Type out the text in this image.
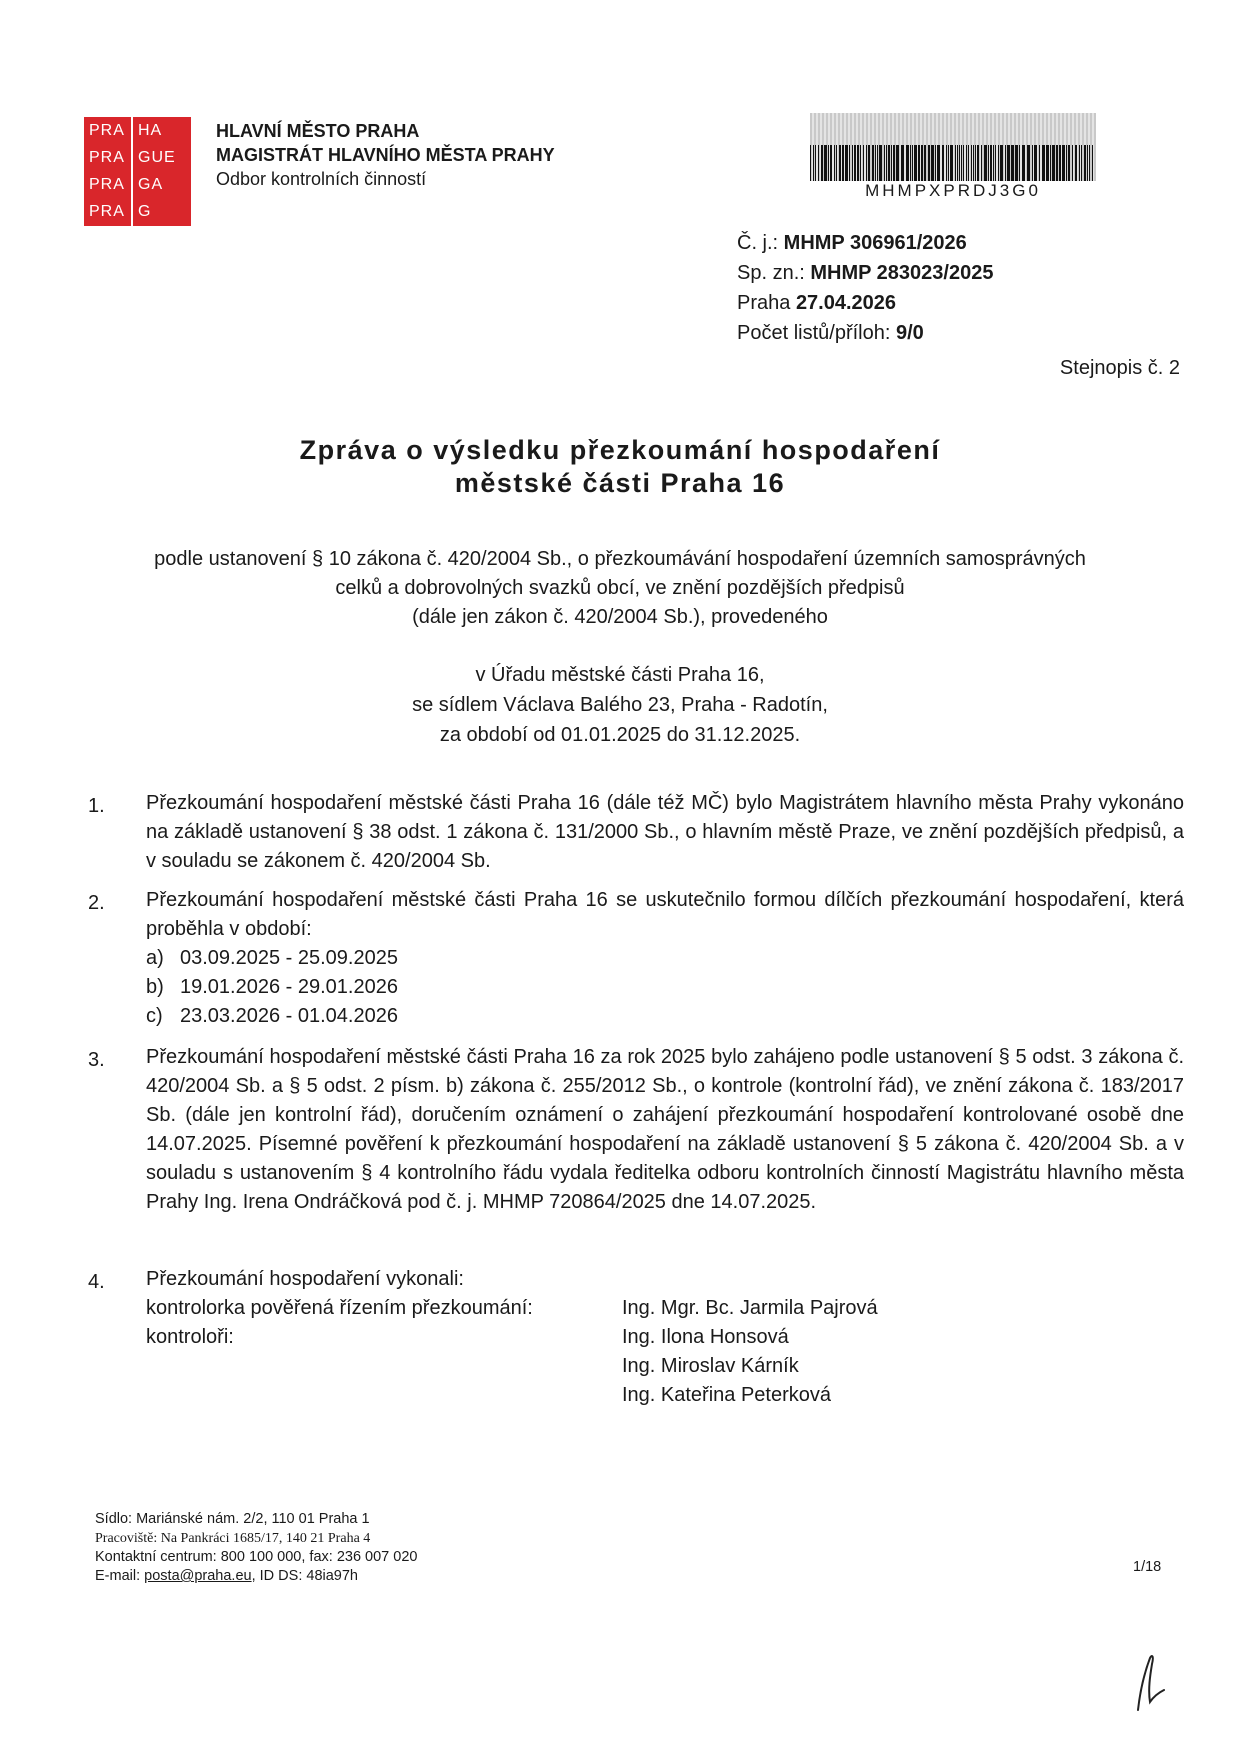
PRA HA
PRA GUE
PRA GA
PRA G
HLAVNÍ MĚSTO PRAHA
MAGISTRÁT HLAVNÍHO MĚSTA PRAHY
Odbor kontrolních činností
MHMPXPRDJ3G0
Č. j.: MHMP 306961/2026
Sp. zn.: MHMP 283023/2025
Praha 27.04.2026
Počet listů/příloh: 9/0
Stejnopis č. 2
Zpráva o výsledku přezkoumání hospodaření
městské části Praha 16
podle ustanovení § 10 zákona č. 420/2004 Sb., o přezkoumávání hospodaření územních samosprávných
celků a dobrovolných svazků obcí, ve znění pozdějších předpisů
(dále jen zákon č. 420/2004 Sb.), provedeného
v Úřadu městské části Praha 16,
se sídlem Václava Balého 23, Praha - Radotín,
za období od 01.01.2025 do 31.12.2025.
1.	Přezkoumání hospodaření městské části Praha 16 (dále též MČ) bylo Magistrátem hlavního města Prahy vykonáno na základě ustanovení § 38 odst. 1 zákona č. 131/2000 Sb., o hlavním městě Praze, ve znění pozdějších předpisů, a v souladu se zákonem č. 420/2004 Sb.
2.	Přezkoumání hospodaření městské části Praha 16 se uskutečnilo formou dílčích přezkoumání hospodaření, která proběhla v období:
a) 03.09.2025 - 25.09.2025
b) 19.01.2026 - 29.01.2026
c) 23.03.2026 - 01.04.2026
3.	Přezkoumání hospodaření městské části Praha 16 za rok 2025 bylo zahájeno podle ustanovení § 5 odst. 3 zákona č. 420/2004 Sb. a § 5 odst. 2 písm. b) zákona č. 255/2012 Sb., o kontrole (kontrolní řád), ve znění zákona č. 183/2017 Sb. (dále jen kontrolní řád), doručením oznámení o zahájení přezkoumání hospodaření kontrolované osobě dne 14.07.2025. Písemné pověření k přezkoumání hospodaření na základě ustanovení § 5 zákona č. 420/2004 Sb. a v souladu s ustanovením § 4 kontrolního řádu vydala ředitelka odboru kontrolních činností Magistrátu hlavního města Prahy Ing. Irena Ondráčková pod č. j. MHMP 720864/2025 dne 14.07.2025.
4.	Přezkoumání hospodaření vykonali:
kontrolorka pověřená řízením přezkoumání:	Ing. Mgr. Bc. Jarmila Pajrová
kontroloři:	Ing. Ilona Honsová
Ing. Miroslav Kárník
Ing. Kateřina Peterková
Sídlo: Mariánské nám. 2/2, 110 01 Praha 1
Pracoviště: Na Pankráci 1685/17, 140 21 Praha 4
Kontaktní centrum: 800 100 000, fax: 236 007 020
E-mail: posta@praha.eu, ID DS: 48ia97h
1/18
